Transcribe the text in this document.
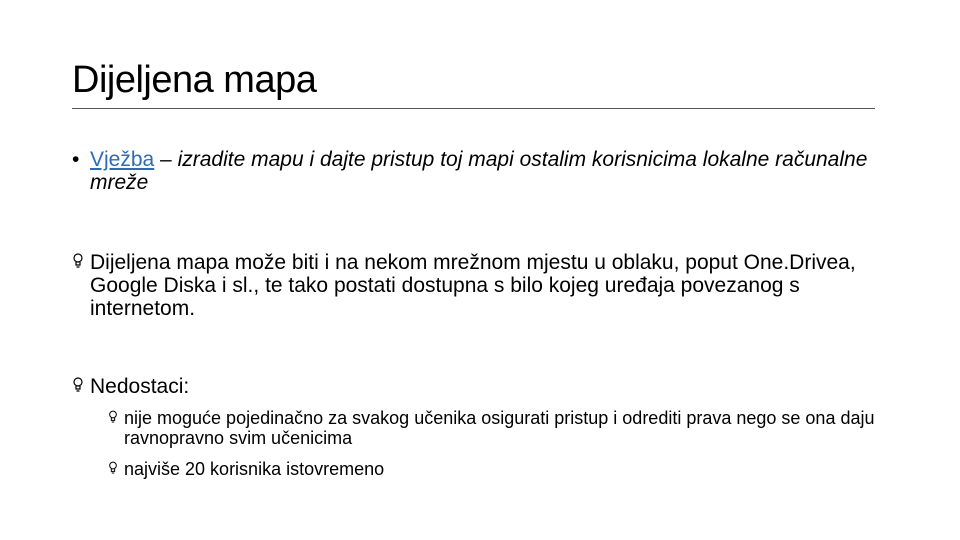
Dijeljena mapa
• Vježba – izradite mapu i dajte pristup toj mapi ostalim korisnicima lokalne računalne mreže
Dijeljena mapa može biti i na nekom mrežnom mjestu u oblaku, poput One.Drivea, Google Diska i sl., te tako postati dostupna s bilo kojeg uređaja povezanog s internetom.
Nedostaci:
nije moguće pojedinačno za svakog učenika osigurati pristup i odrediti prava nego se ona daju ravnopravno svim učenicima
najviše 20 korisnika istovremeno
